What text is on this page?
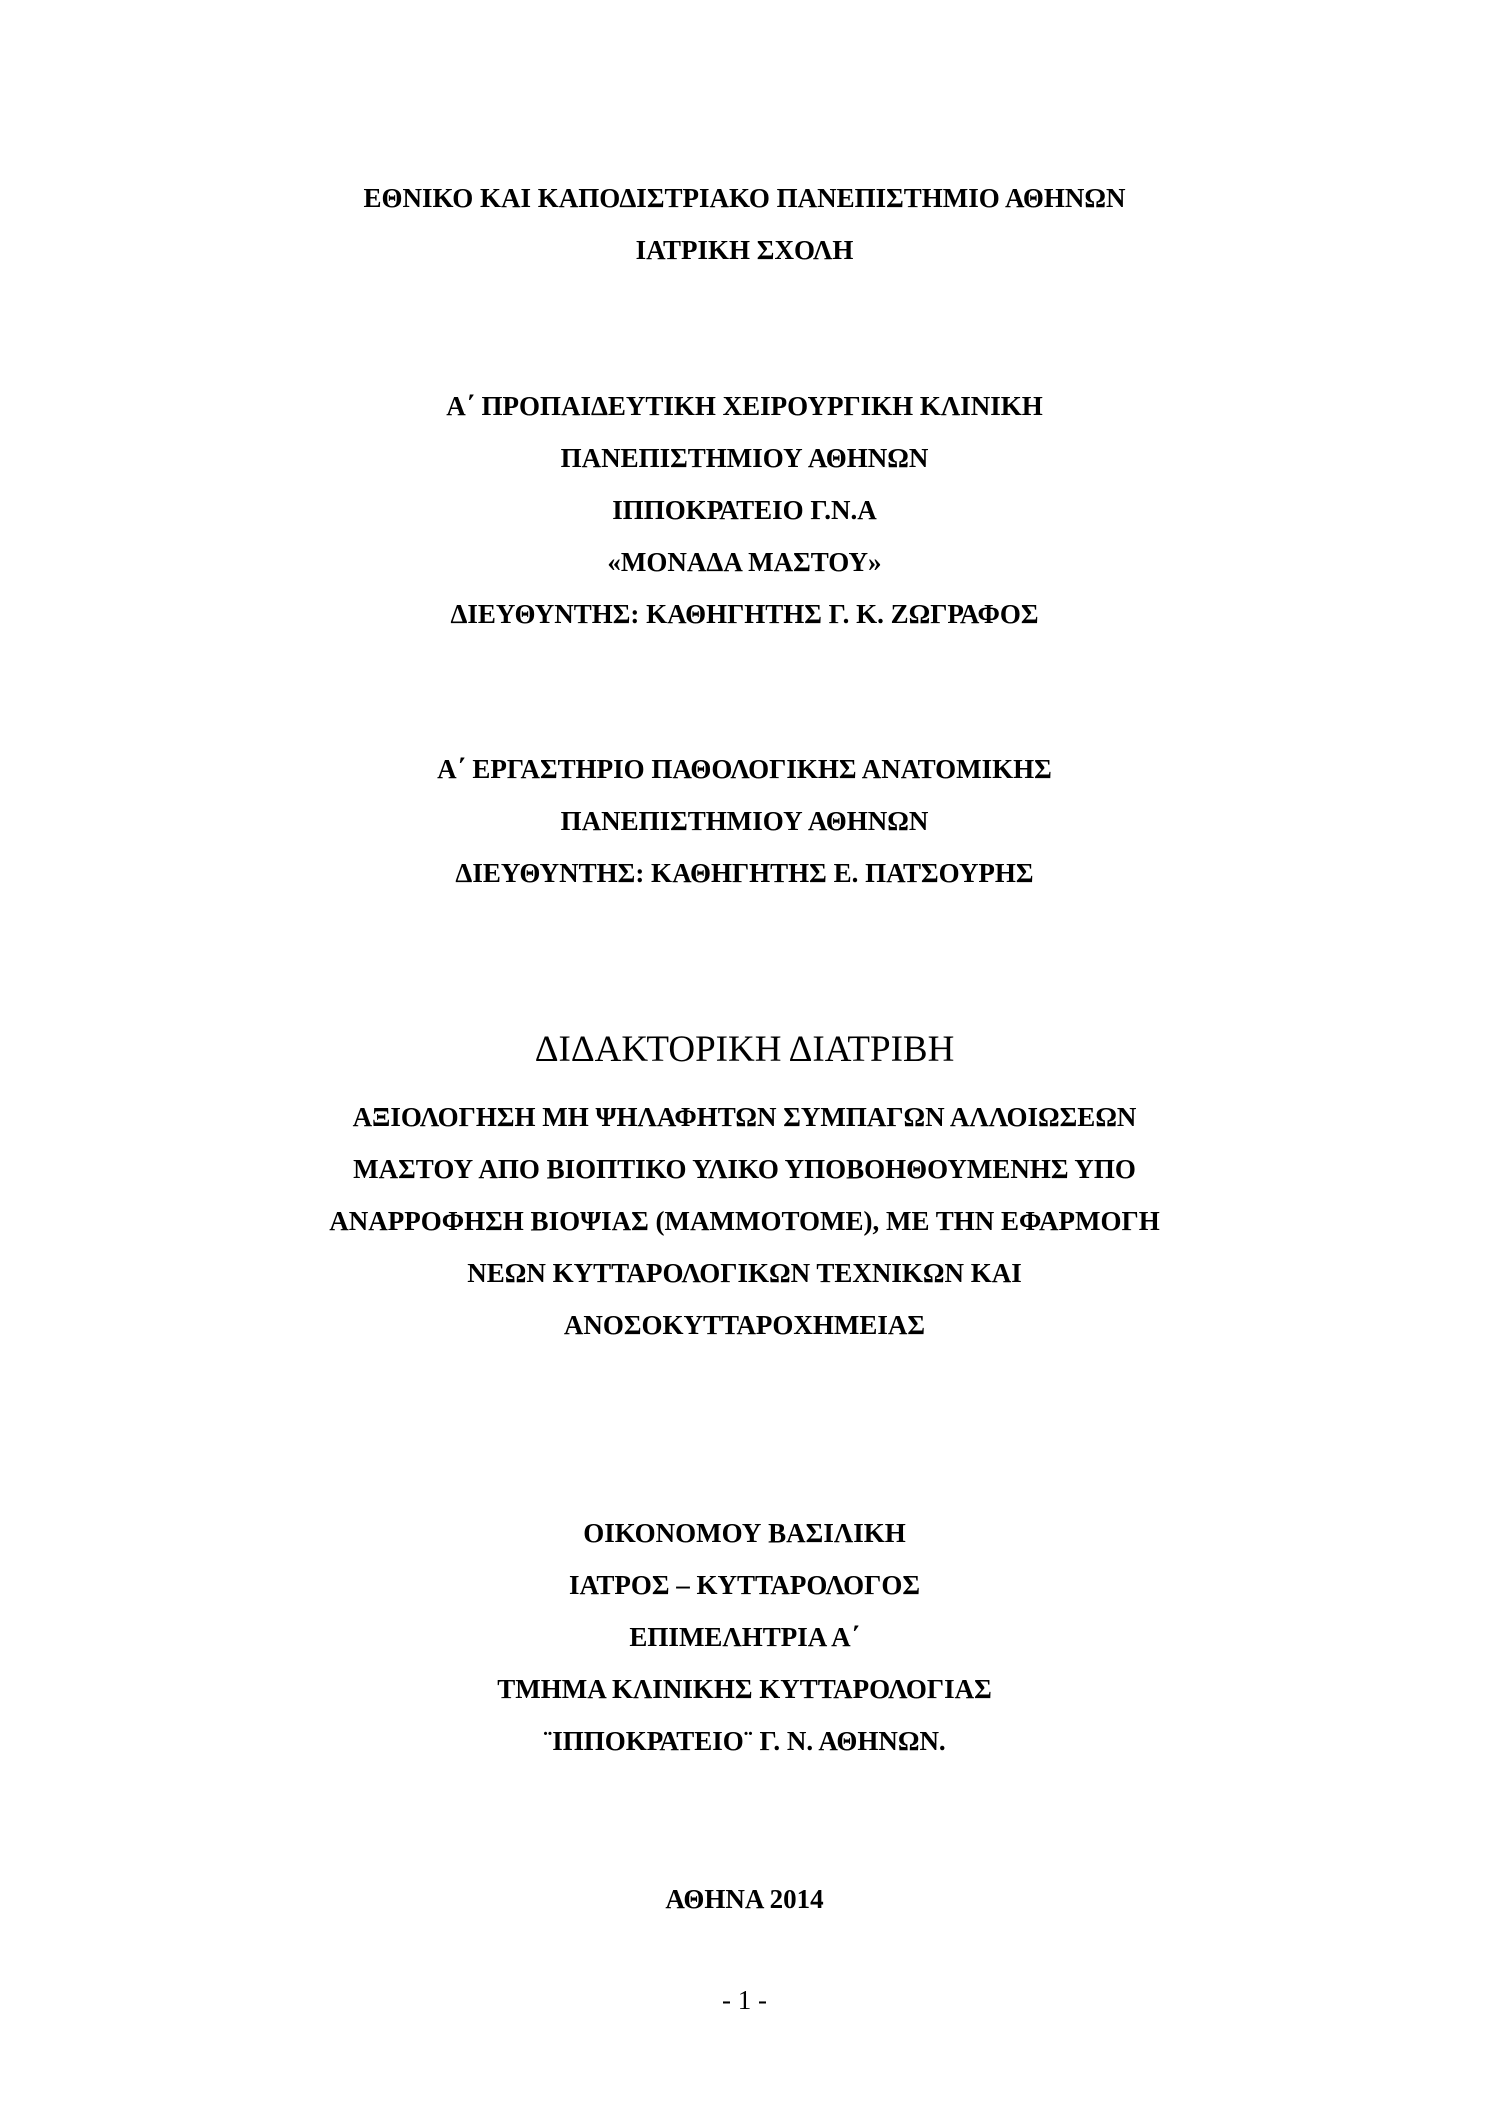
ΕΘΝΙΚΟ ΚΑΙ ΚΑΠΟΔΙΣΤΡΙΑΚΟ ΠΑΝΕΠΙΣΤΗΜΙΟ ΑΘΗΝΩΝ
ΙΑΤΡΙΚΗ ΣΧΟΛΗ
Α΄ ΠΡΟΠΑΙΔΕΥΤΙΚΗ ΧΕΙΡΟΥΡΓΙΚΗ ΚΛΙΝΙΚΗ
ΠΑΝΕΠΙΣΤΗΜΙΟΥ ΑΘΗΝΩΝ
ΙΠΠΟΚΡΑΤΕΙΟ Γ.Ν.Α
«ΜΟΝΑΔΑ ΜΑΣΤΟΥ»
ΔΙΕΥΘΥΝΤΗΣ: ΚΑΘΗΓΗΤΗΣ Γ. Κ. ΖΩΓΡΑΦΟΣ
Α΄ ΕΡΓΑΣΤΗΡΙΟ ΠΑΘΟΛΟΓΙΚΗΣ ΑΝΑΤΟΜΙΚΗΣ
ΠΑΝΕΠΙΣΤΗΜΙΟΥ ΑΘΗΝΩΝ
ΔΙΕΥΘΥΝΤΗΣ: ΚΑΘΗΓΗΤΗΣ Ε. ΠΑΤΣΟΥΡΗΣ
ΔΙΔΑΚΤΟΡΙΚΗ ΔΙΑΤΡΙΒΗ
ΑΞΙΟΛΟΓΗΣΗ ΜΗ ΨΗΛΑΦΗΤΩΝ ΣΥΜΠΑΓΩΝ ΑΛΛΟΙΩΣΕΩΝ
ΜΑΣΤΟΥ ΑΠΟ ΒΙΟΠΤΙΚΟ ΥΛΙΚΟ ΥΠΟΒΟΗΘΟΥΜΕΝΗΣ ΥΠΟ
ΑΝΑΡΡΟΦΗΣΗ ΒΙΟΨΙΑΣ (ΜΑΜΜΟΤΟΜΕ), ΜΕ ΤΗΝ ΕΦΑΡΜΟΓΗ
ΝΕΩΝ ΚΥΤΤΑΡΟΛΟΓΙΚΩΝ ΤΕΧΝΙΚΩΝ ΚΑΙ
ΑΝΟΣΟΚΥΤΤΑΡΟΧΗΜΕΙΑΣ
ΟΙΚΟΝΟΜΟΥ ΒΑΣΙΛΙΚΗ
ΙΑΤΡΟΣ – ΚΥΤΤΑΡΟΛΟΓΟΣ
ΕΠΙΜΕΛΗΤΡΙΑ Α΄
ΤΜΗΜΑ ΚΛΙΝΙΚΗΣ ΚΥΤΤΑΡΟΛΟΓΙΑΣ
¨ΙΠΠΟΚΡΑΤΕΙΟ¨ Γ. Ν. ΑΘΗΝΩΝ.
ΑΘΗΝΑ 2014
- 1 -
